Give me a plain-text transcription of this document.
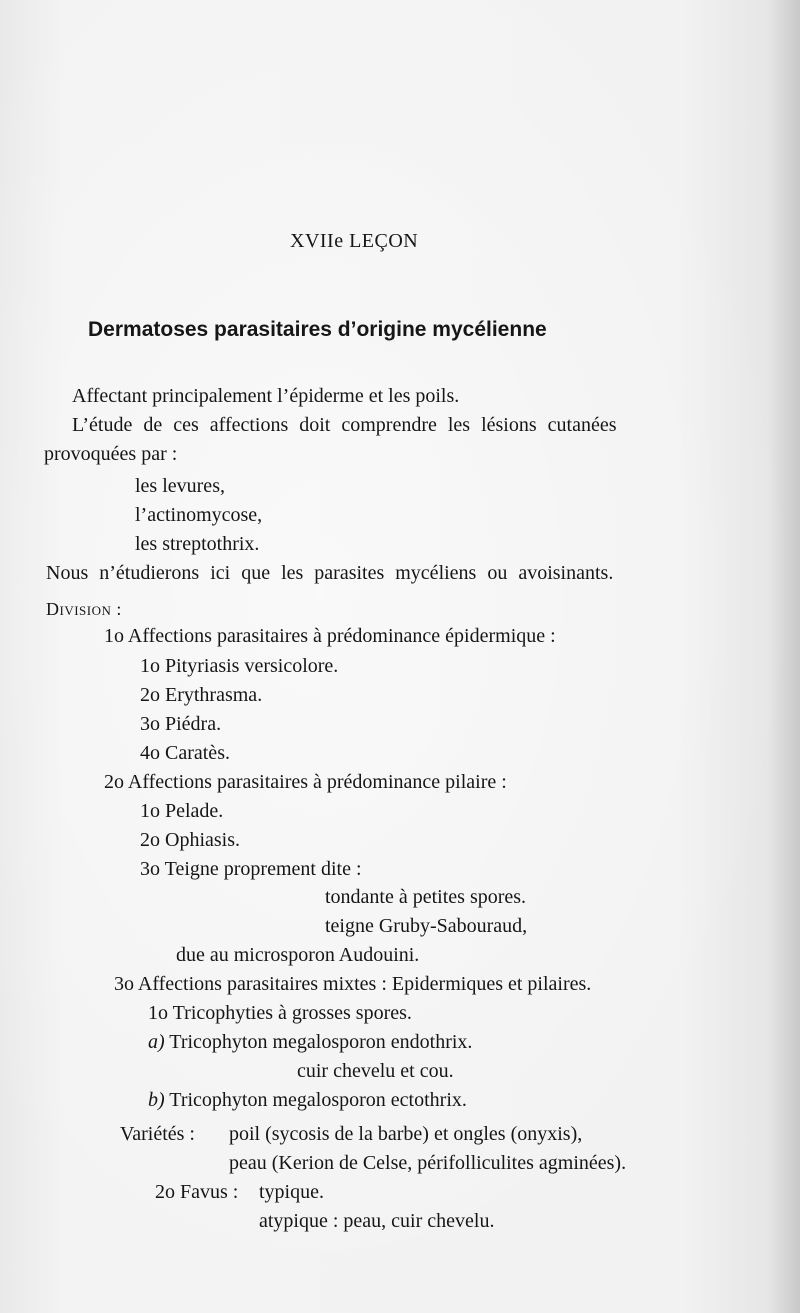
XVIIe LEÇON
Dermatoses parasitaires d’origine mycélienne
Affectant principalement l’épiderme et les poils.
L’étude de ces affections doit comprendre les lésions cutanées
provoquées par :
les levures,
l’actinomycose,
les streptothrix.
Nous n’étudierons ici que les parasites mycéliens ou avoisinants.
Division :
1o Affections parasitaires à prédominance épidermique :
1o Pityriasis versicolore.
2o Erythrasma.
3o Piédra.
4o Caratès.
2o Affections parasitaires à prédominance pilaire :
1o Pelade.
2o Ophiasis.
3o Teigne proprement dite :
tondante à petites spores.
teigne Gruby-Sabouraud,
due au microsporon Audouini.
3o Affections parasitaires mixtes : Epidermiques et pilaires.
1o Tricophyties à grosses spores.
a) Tricophyton megalosporon endothrix.
cuir chevelu et cou.
b) Tricophyton megalosporon ectothrix.
Variétés : poil (sycosis de la barbe) et ongles (onyxis),
peau (Kerion de Celse, périfolliculites agminées).
2o Favus : typique.
atypique : peau, cuir chevelu.
